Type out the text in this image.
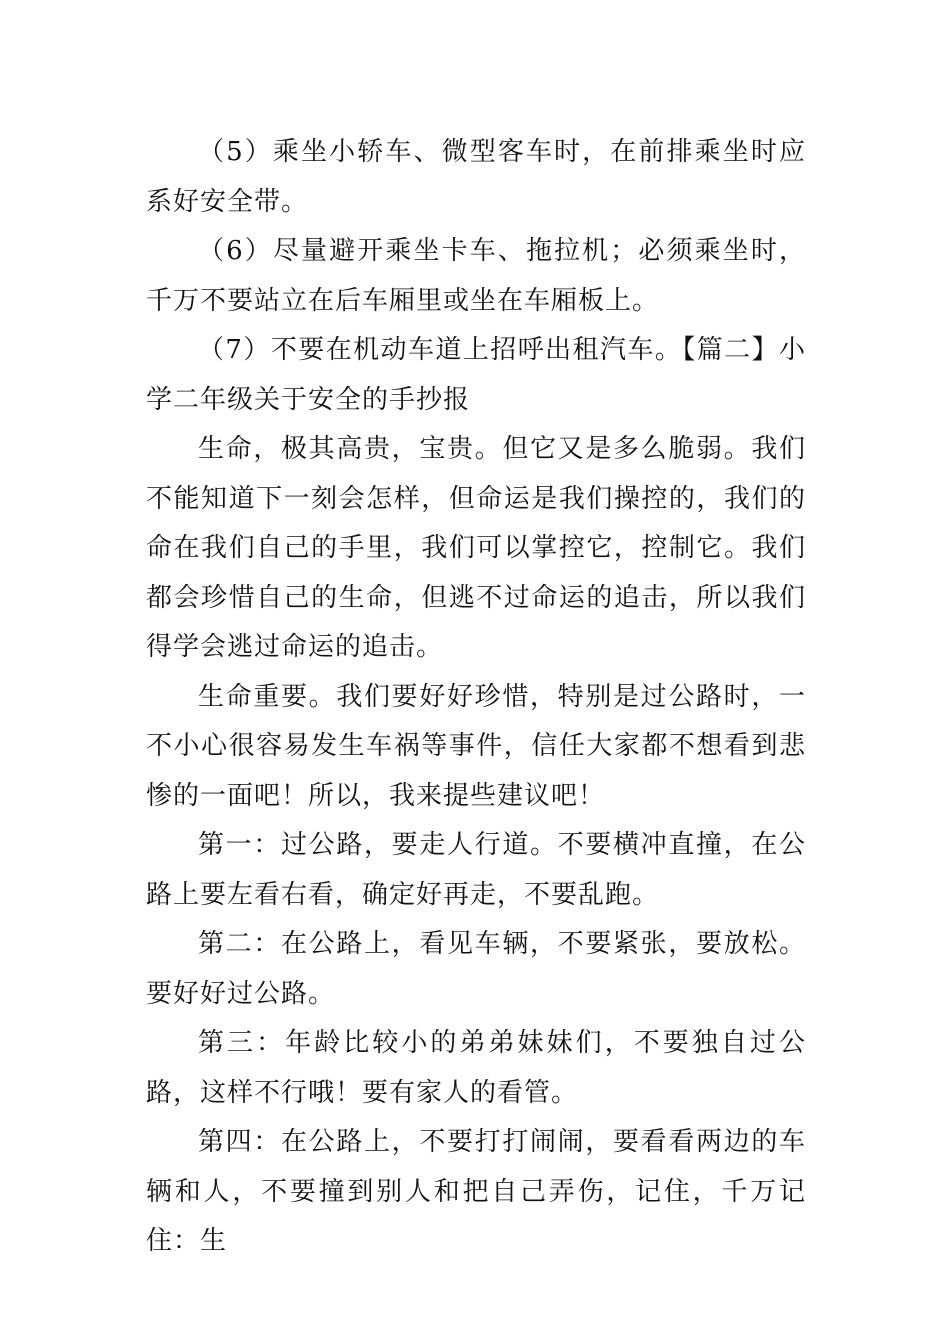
（5）乘坐小轿车、微型客车时，在前排乘坐时应系好安全带。

（6）尽量避开乘坐卡车、拖拉机；必须乘坐时，千万不要站立在后车厢里或坐在车厢板上。

（7）不要在机动车道上招呼出租汽车。【篇二】小学二年级关于安全的手抄报

生命，极其高贵，宝贵。但它又是多么脆弱。我们不能知道下一刻会怎样，但命运是我们操控的，我们的命在我们自己的手里，我们可以掌控它，控制它。我们都会珍惜自己的生命，但逃不过命运的追击，所以我们得学会逃过命运的追击。

生命重要。我们要好好珍惜，特别是过公路时，一不小心很容易发生车祸等事件，信任大家都不想看到悲惨的一面吧！所以，我来提些建议吧！

第一：过公路，要走人行道。不要横冲直撞，在公路上要左看右看，确定好再走，不要乱跑。

第二：在公路上，看见车辆，不要紧张，要放松。要好好过公路。

第三：年龄比较小的弟弟妹妹们，不要独自过公路，这样不行哦！要有家人的看管。

第四：在公路上，不要打打闹闹，要看看两边的车辆和人，不要撞到别人和把自己弄伤，记住，千万记住：生
